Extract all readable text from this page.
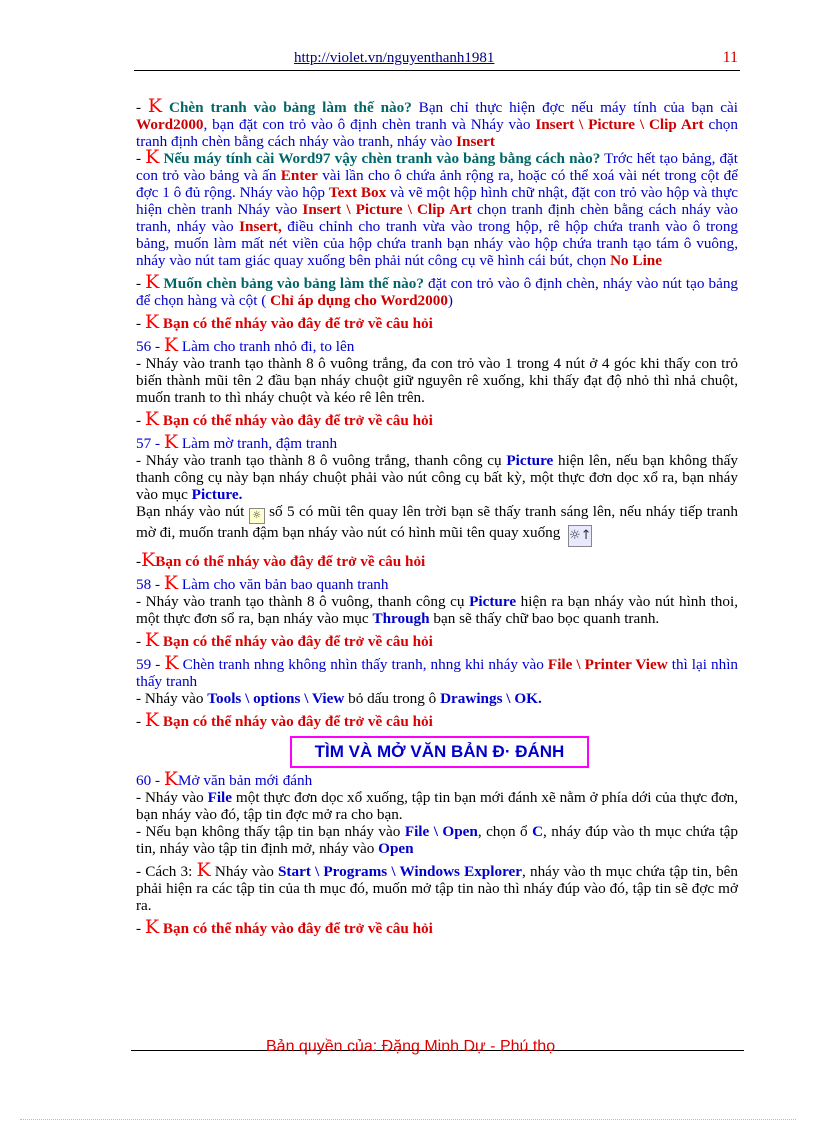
http://violet.vn/nguyenthanh1981	11

- K Chèn tranh vào bảng làm thế nào? Bạn chỉ thực hiện đợc nếu máy tính của bạn cài Word2000, bạn đặt con trỏ vào ô định chèn tranh và Nháy vào Insert \ Picture \ Clip Art chọn tranh định chèn bằng cách nháy vào tranh, nháy vào Insert

- K Nếu máy tính cài Word97 vậy chèn tranh vào bảng bằng cách nào? Trớc hết tạo bảng, đặt con trỏ vào bảng và ấn Enter vài lần cho ô chứa ảnh rộng ra, hoặc có thể xoá vài nét trong cột để đợc 1 ô đủ rộng. Nháy vào hộp Text Box và vẽ một hộp hình chữ nhật, đặt con trỏ vào hộp và thực hiện chèn tranh Nháy vào Insert \ Picture \ Clip Art chọn tranh định chèn bằng cách nháy vào tranh, nháy vào Insert, điều chỉnh cho tranh vừa vào trong hộp, rê hộp chứa tranh vào ô trong bảng, muốn làm mất nét viền của hộp chứa tranh bạn nháy vào hộp chứa tranh tạo tám ô vuông, nháy vào nút tam giác quay xuống bên phải nút công cụ vẽ hình cái bút, chọn No Line

- K Muốn chèn bảng vào bảng làm thế nào? đặt con trỏ vào ô định chèn, nháy vào nút tạo bảng để chọn hàng và cột ( Chỉ áp dụng cho Word2000)

- K Bạn có thể nháy vào đây để trở về câu hỏi

56 - K Làm cho tranh nhỏ đi, to lên

- Nháy vào tranh tạo thành 8 ô vuông trắng, đa con trỏ vào 1 trong 4 nút ở 4 góc khi thấy con trỏ biến thành mũi tên 2 đầu bạn nháy chuột giữ nguyên rê xuống, khi thấy đạt độ nhỏ thì nhả chuột, muốn tranh to thì nháy chuột và kéo rê lên trên.

- K Bạn có thể nháy vào đây để trở về câu hỏi

57 - K Làm mờ tranh, đậm tranh

- Nháy vào tranh tạo thành 8 ô vuông trắng, thanh công cụ Picture hiện lên, nếu bạn không thấy thanh công cụ này bạn nháy chuột phải vào nút công cụ bất kỳ, một thực đơn dọc xổ ra, bạn nháy vào mục Picture.

Bạn nháy vào nút ☼ số 5 có mũi tên quay lên trời bạn sẽ thấy tranh sáng lên, nếu nháy tiếp tranh mờ đi, muốn tranh đậm bạn nháy vào nút có hình mũi tên quay xuống ☼↑

-KBạn có thể nháy vào đây để trở về câu hỏi

58 - K Làm cho văn bản bao quanh tranh

- Nháy vào tranh tạo thành 8 ô vuông, thanh công cụ Picture hiện ra bạn nháy vào nút hình thoi, một thực đơn sổ ra, bạn nháy vào mục Through bạn sẽ thấy chữ bao bọc quanh tranh.

- K Bạn có thể nháy vào đây để trở về câu hỏi

59 - K Chèn tranh nhng không nhìn thấy tranh, nhng khi nháy vào File \ Printer View thì lại nhìn thấy tranh

- Nháy vào Tools \ options \ View bỏ dấu trong ô Drawings \ OK.

- K Bạn có thể nháy vào đây để trở về câu hỏi

TÌM VÀ MỞ VĂN BẢN Đ· ĐÁNH

60 - KMở văn bản mới đánh

- Nháy vào File một thực đơn dọc xổ xuống, tập tin bạn mới đánh xẽ nằm ở phía dới của thực đơn, bạn nháy vào đó, tập tin đợc mở ra cho bạn.

- Nếu bạn không thấy tập tin bạn nháy vào File \ Open, chọn ổ C, nháy đúp vào th mục chứa tập tin, nháy vào tập tin định mở, nháy vào Open

- Cách 3: K Nháy vào Start \ Programs \ Windows Explorer, nháy vào th mục chứa tập tin, bên phải hiện ra các tập tin của th mục đó, muốn mở tập tin nào thì nháy đúp vào đó, tập tin sẽ đợc mở ra.

- K Bạn có thể nháy vào đây để trở về câu hỏi

Bản quyền của: Đặng Minh Dự - Phú thọ
